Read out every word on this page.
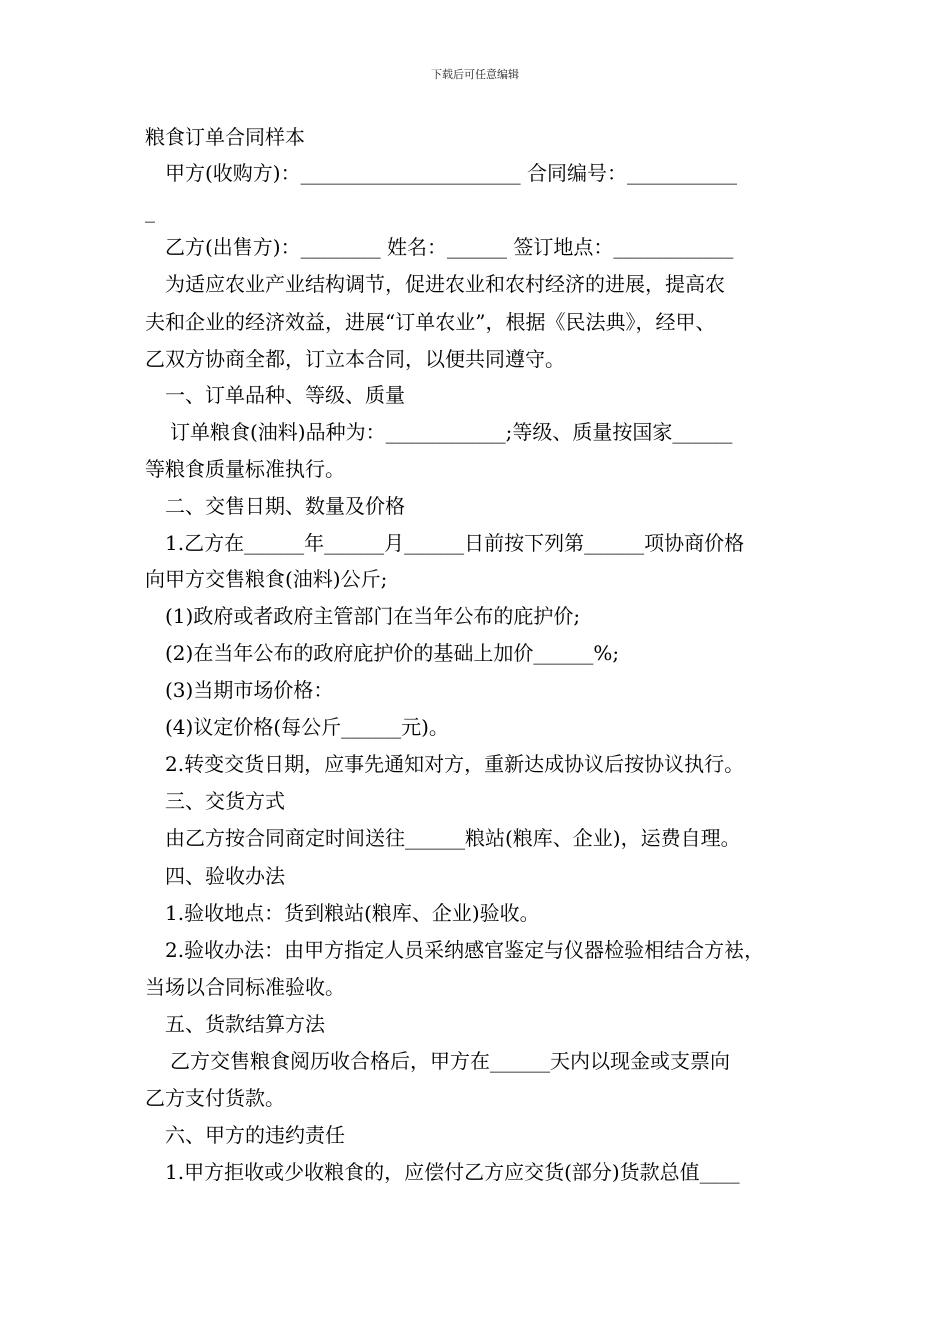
下载后可任意编辑
粮食订单合同样本
甲方(收购方)：______________________ 合同编号：___________
_
乙方(出售方)：________ 姓名：______ 签订地点：____________
为适应农业产业结构调节，促进农业和农村经济的进展，提高农
夫和企业的经济效益，进展“订单农业”，根据《民法典》，经甲、
乙双方协商全都，订立本合同，以便共同遵守。
一、订单品种、等级、质量
订单粮食(油料)品种为：____________;等级、质量按国家______
等粮食质量标准执行。
二、交售日期、数量及价格
1.乙方在______年______月______日前按下列第______项协商价格
向甲方交售粮食(油料)公斤;
(1)政府或者政府主管部门在当年公布的庇护价;
(2)在当年公布的政府庇护价的基础上加价______%;
(3)当期市场价格：
(4)议定价格(每公斤______元)。
2.转变交货日期，应事先通知对方，重新达成协议后按协议执行。
三、交货方式
由乙方按合同商定时间送往______粮站(粮库、企业)，运费自理。
四、验收办法
1.验收地点：货到粮站(粮库、企业)验收。
2.验收办法：由甲方指定人员采纳感官鉴定与仪器检验相结合方袪，
当场以合同标准验收。
五、货款结算方法
乙方交售粮食阅历收合格后，甲方在______天内以现金或支票向
乙方支付货款。
六、甲方的违约责任
1.甲方拒收或少收粮食的，应偿付乙方应交货(部分)货款总值____
